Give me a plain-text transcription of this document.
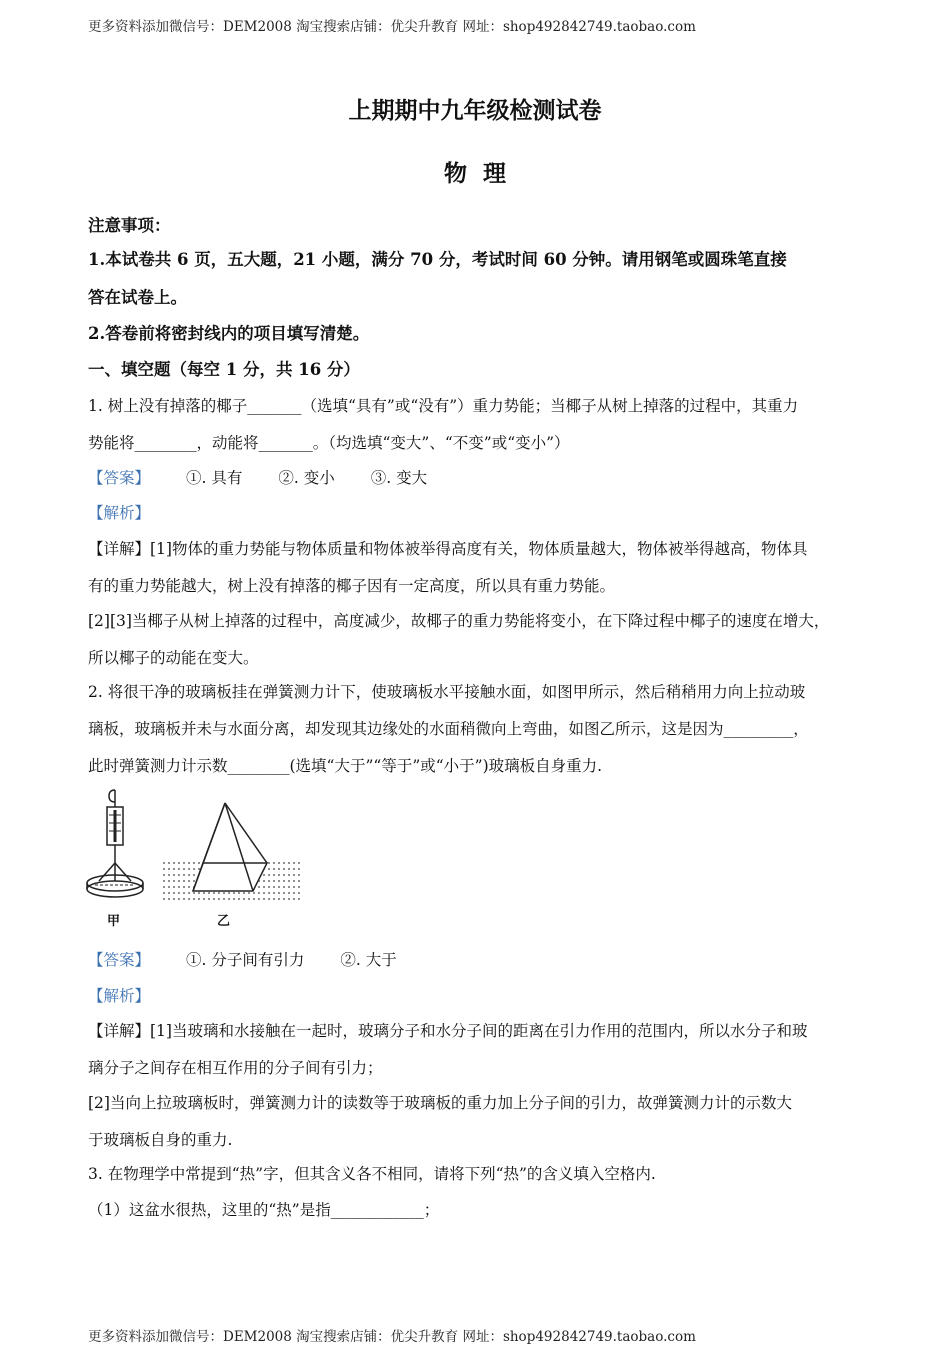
更多资料添加微信号：DEM2008 淘宝搜索店铺：优尖升教育 网址：shop492842749.taobao.com
上期期中九年级检测试卷
物  理
注意事项：
1.本试卷共 6 页，五大题，21 小题，满分 70 分，考试时间 60 分钟。请用钢笔或圆珠笔直接
答在试卷上。
2.答卷前将密封线内的项目填写清楚。
一、填空题（每空 1 分，共 16 分）
1. 树上没有掉落的椰子_______（选填“具有”或“没有”）重力势能；当椰子从树上掉落的过程中，其重力
势能将________，动能将_______。（均选填“变大”、“不变”或“变小”）
【答案】 ①. 具有 ②. 变小 ③. 变大
【解析】
【详解】[1]物体的重力势能与物体质量和物体被举得高度有关，物体质量越大，物体被举得越高，物体具
有的重力势能越大，树上没有掉落的椰子因有一定高度，所以具有重力势能。
[2][3]当椰子从树上掉落的过程中，高度减少，故椰子的重力势能将变小，在下降过程中椰子的速度在增大，
所以椰子的动能在变大。
2. 将很干净的玻璃板挂在弹簧测力计下，使玻璃板水平接触水面，如图甲所示，然后稍稍用力向上拉动玻
璃板，玻璃板并未与水面分离，却发现其边缘处的水面稍微向上弯曲，如图乙所示，这是因为_________，
此时弹簧测力计示数________(选填“大于”“等于”或“小于”)玻璃板自身重力.
甲	乙
【答案】 ①. 分子间有引力 ②. 大于
【解析】
【详解】[1]当玻璃和水接触在一起时，玻璃分子和水分子间的距离在引力作用的范围内，所以水分子和玻
璃分子之间存在相互作用的分子间有引力；
[2]当向上拉玻璃板时，弹簧测力计的读数等于玻璃板的重力加上分子间的引力，故弹簧测力计的示数大
于玻璃板自身的重力.
3. 在物理学中常提到“热”字，但其含义各不相同，请将下列“热”的含义填入空格内.
（1）这盆水很热，这里的“热”是指____________；
更多资料添加微信号：DEM2008 淘宝搜索店铺：优尖升教育 网址：shop492842749.taobao.com
